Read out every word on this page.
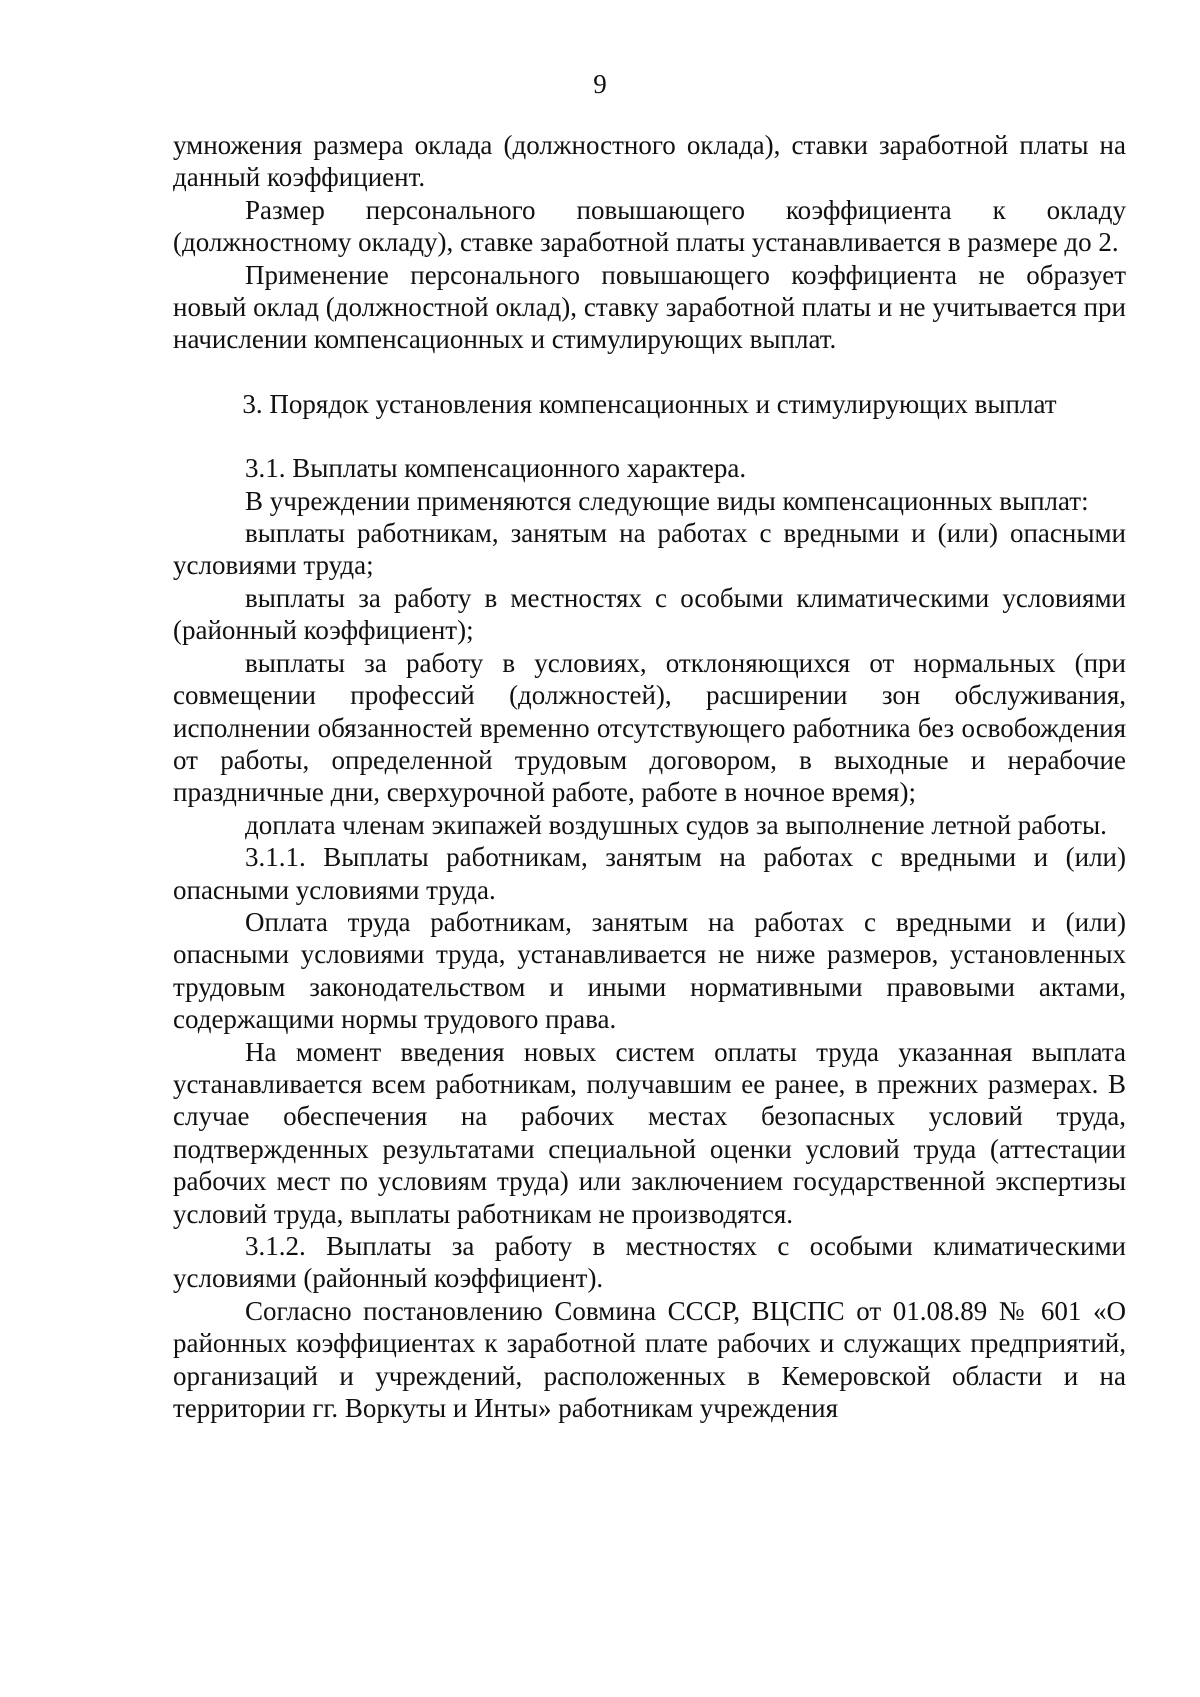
9

умножения размера оклада (должностного оклада), ставки заработной платы на данный коэффициент.

Размер персонального повышающего коэффициента к окладу (должностному окладу), ставке заработной платы устанавливается в размере до 2.

Применение персонального повышающего коэффициента не образует новый оклад (должностной оклад), ставку заработной платы и не учитывается при начислении компенсационных и стимулирующих выплат.

3. Порядок установления компенсационных и стимулирующих выплат

3.1. Выплаты компенсационного характера.

В учреждении применяются следующие виды компенсационных выплат:

выплаты работникам, занятым на работах с вредными и (или) опасными условиями труда;

выплаты за работу в местностях с особыми климатическими условиями (районный коэффициент);

выплаты за работу в условиях, отклоняющихся от нормальных (при совмещении профессий (должностей), расширении зон обслуживания, исполнении обязанностей временно отсутствующего работника без освобождения от работы, определенной трудовым договором, в выходные и нерабочие праздничные дни, сверхурочной работе, работе в ночное время);

доплата членам экипажей воздушных судов за выполнение летной работы.

3.1.1. Выплаты работникам, занятым на работах с вредными и (или) опасными условиями труда.

Оплата труда работникам, занятым на работах с вредными и (или) опасными условиями труда, устанавливается не ниже размеров, установленных трудовым законодательством и иными нормативными правовыми актами, содержащими нормы трудового права.

На момент введения новых систем оплаты труда указанная выплата устанавливается всем работникам, получавшим ее ранее, в прежних размерах. В случае обеспечения на рабочих местах безопасных условий труда, подтвержденных результатами специальной оценки условий труда (аттестации рабочих мест по условиям труда) или заключением государственной экспертизы условий труда, выплаты работникам не производятся.

3.1.2. Выплаты за работу в местностях с особыми климатическими условиями (районный коэффициент).

Согласно постановлению Совмина СССР, ВЦСПС от 01.08.89 № 601 «О районных коэффициентах к заработной плате рабочих и служащих предприятий, организаций и учреждений, расположенных в Кемеровской области и на территории гг. Воркуты и Инты» работникам учреждения
